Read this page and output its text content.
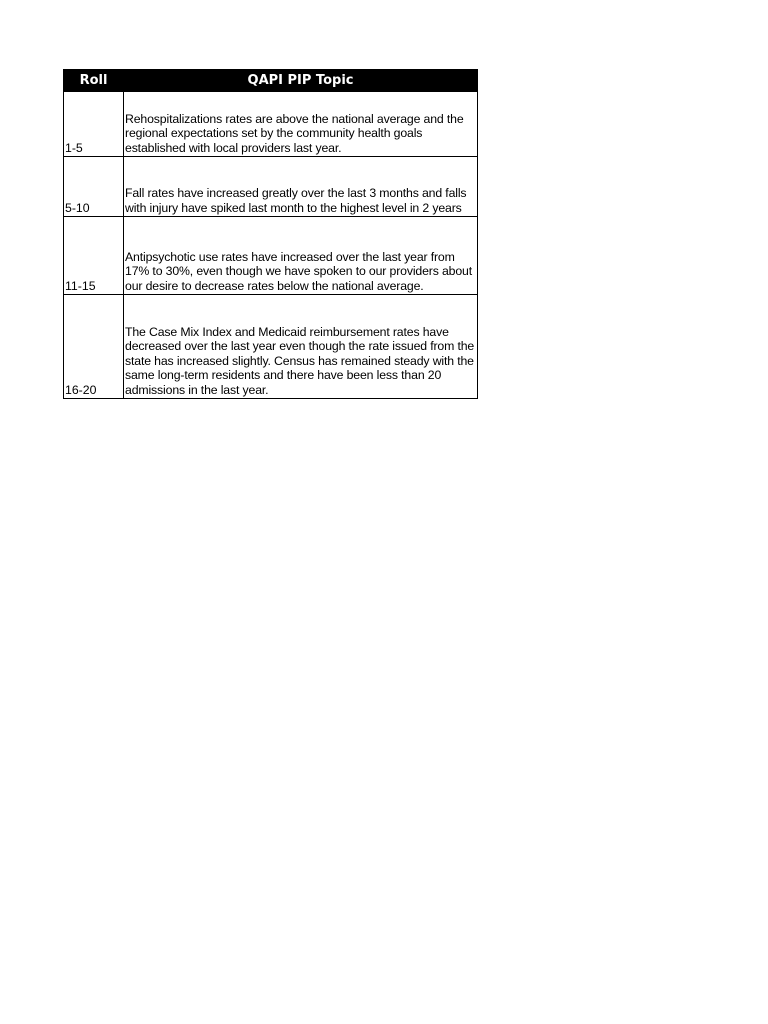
Roll	QAPI PIP Topic
1-5	Rehospitalizations rates are above the national average and the regional expectations set by the community health goals established with local providers last year.
5-10	Fall rates have increased greatly over the last 3 months and falls with injury have spiked last month to the highest level in 2 years
11-15	Antipsychotic use rates have increased over the last year from 17% to 30%, even though we have spoken to our providers about our desire to decrease rates below the national average.
16-20	The Case Mix Index and Medicaid reimbursement rates have decreased over the last year even though the rate issued from the state has increased slightly. Census has remained steady with the same long-term residents and there have been less than 20 admissions in the last year.
